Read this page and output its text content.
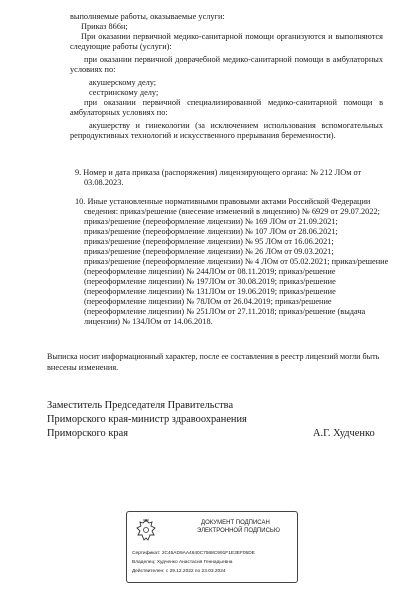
выполняемые работы, оказываемые услуги:
Приказ 866н;
При оказании первичной медико-санитарной помощи организуются и выполняются
следующие работы (услуги):
при оказании первичной доврачебной медико-санитарной помощи в амбулаторных
условиях по:
акушерскому делу;
сестринскому делу;
при оказании первичной специализированной медико-санитарной помощи в
амбулаторных условиях по:
акушерству и гинекологии (за исключением использования вспомогательных
репродуктивных технологий и искусственного прерывания беременности).
9. Номер и дата приказа (распоряжения) лицензирующего органа: № 212 ЛОм от
03.08.2023.
10. Иные установленные нормативными правовыми актами Российской Федерации
сведения: приказ/решение (внесение изменений в лицензию) № 6929 от 29.07.2022;
приказ/решение (переоформление лицензии) № 169 ЛОм от 21.09.2021;
приказ/решение (переоформление лицензии) № 107 ЛОм от 28.06.2021;
приказ/решение (переоформление лицензии) № 95 ЛОм от 16.06.2021;
приказ/решение (переоформление лицензии) № 26 ЛОм от 09.03.2021;
приказ/решение (переоформление лицензии) № 4 ЛОм от 05.02.2021; приказ/решение
(переоформление лицензии) № 244ЛОм от 08.11.2019; приказ/решение
(переоформление лицензии) № 197ЛОм от 30.08.2019; приказ/решение
(переоформление лицензии) № 131ЛОм от 19.06.2019; приказ/решение
(переоформление лицензии) № 78ЛОм от 26.04.2019; приказ/решение
(переоформление лицензии) № 251ЛОм от 27.11.2018; приказ/решение (выдача
лицензии) № 134ЛОм от 14.06.2018.
Выписка носит информационный характер, после ее составления в реестр лицензий могли быть
внесены изменения.
Заместитель Председателя Правительства
Приморского края-министр здравоохранения
Приморского края	А.Г. Худченко
ДОКУМЕНТ ПОДПИСАН
ЭЛЕКТРОННОЙ ПОДПИСЬЮ
Сертификат: 2C45AD9AA4640C7568C991F1E3EF05DE
Владелец: Худченко Анастасия Геннадьевна
Действителен: с 29.12.2022 по 23.03.2024
